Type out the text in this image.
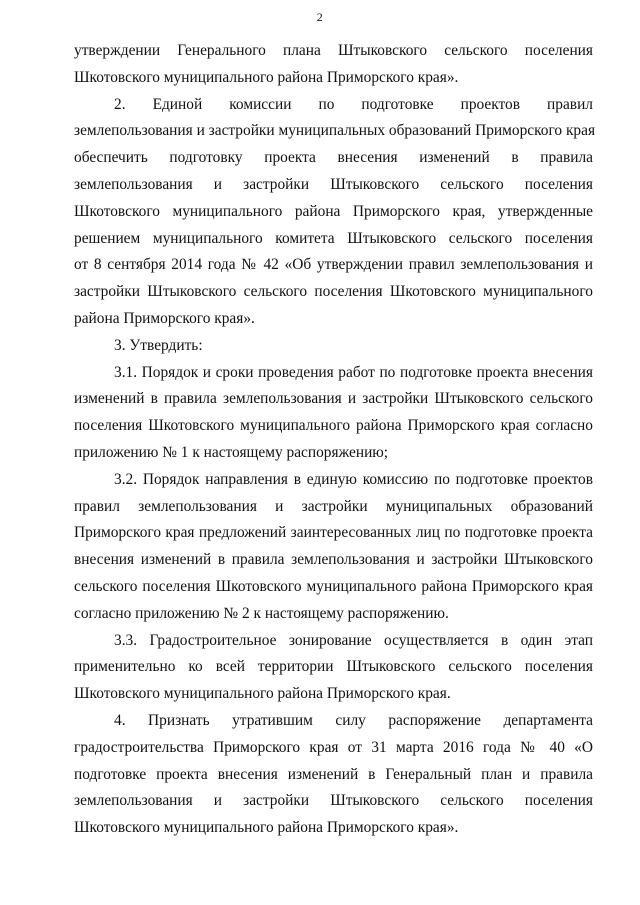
2

утверждении Генерального плана Штыковского сельского поселения
Шкотовского муниципального района Приморского края».

2. Единой комиссии по подготовке проектов правил
землепользования и застройки муниципальных образований Приморского края
обеспечить подготовку проекта внесения изменений в правила
землепользования и застройки Штыковского сельского поселения
Шкотовского муниципального района Приморского края, утвержденные
решением муниципального комитета Штыковского сельского поселения
от 8 сентября 2014 года № 42 «Об утверждении правил землепользования и
застройки Штыковского сельского поселения Шкотовского муниципального
района Приморского края».

3. Утвердить:

3.1. Порядок и сроки проведения работ по подготовке проекта внесения
изменений в правила землепользования и застройки Штыковского сельского
поселения Шкотовского муниципального района Приморского края согласно
приложению № 1 к настоящему распоряжению;

3.2. Порядок направления в единую комиссию по подготовке проектов
правил землепользования и застройки муниципальных образований
Приморского края предложений заинтересованных лиц по подготовке проекта
внесения изменений в правила землепользования и застройки Штыковского
сельского поселения Шкотовского муниципального района Приморского края
согласно приложению № 2 к настоящему распоряжению.

3.3. Градостроительное зонирование осуществляется в один этап
применительно ко всей территории Штыковского сельского поселения
Шкотовского муниципального района Приморского края.

4. Признать утратившим силу распоряжение департамента
градостроительства Приморского края от 31 марта 2016 года № 40 «О
подготовке проекта внесения изменений в Генеральный план и правила
землепользования и застройки Штыковского сельского поселения
Шкотовского муниципального района Приморского края».
